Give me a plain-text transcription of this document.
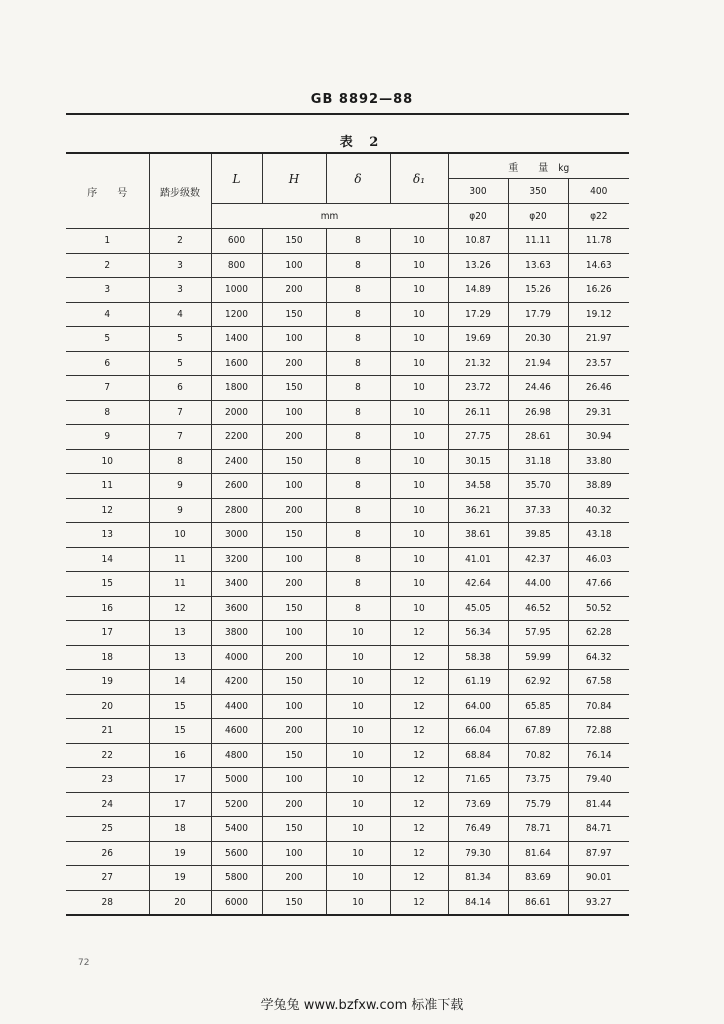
GB 8892—88
表 2
序　　号	踏步级数	L	H	δ	δ₁	重　　量　kg		
						300	350	400
		mm				φ20	φ20	φ22
1	2	600	150	8	10	10.87	11.11	11.78
2	3	800	100	8	10	13.26	13.63	14.63
3	3	1000	200	8	10	14.89	15.26	16.26
4	4	1200	150	8	10	17.29	17.79	19.12
5	5	1400	100	8	10	19.69	20.30	21.97
6	5	1600	200	8	10	21.32	21.94	23.57
7	6	1800	150	8	10	23.72	24.46	26.46
8	7	2000	100	8	10	26.11	26.98	29.31
9	7	2200	200	8	10	27.75	28.61	30.94
10	8	2400	150	8	10	30.15	31.18	33.80
11	9	2600	100	8	10	34.58	35.70	38.89
12	9	2800	200	8	10	36.21	37.33	40.32
13	10	3000	150	8	10	38.61	39.85	43.18
14	11	3200	100	8	10	41.01	42.37	46.03
15	11	3400	200	8	10	42.64	44.00	47.66
16	12	3600	150	8	10	45.05	46.52	50.52
17	13	3800	100	10	12	56.34	57.95	62.28
18	13	4000	200	10	12	58.38	59.99	64.32
19	14	4200	150	10	12	61.19	62.92	67.58
20	15	4400	100	10	12	64.00	65.85	70.84
21	15	4600	200	10	12	66.04	67.89	72.88
22	16	4800	150	10	12	68.84	70.82	76.14
23	17	5000	100	10	12	71.65	73.75	79.40
24	17	5200	200	10	12	73.69	75.79	81.44
25	18	5400	150	10	12	76.49	78.71	84.71
26	19	5600	100	10	12	79.30	81.64	87.97
27	19	5800	200	10	12	81.34	83.69	90.01
28	20	6000	150	10	12	84.14	86.61	93.27
72
学兔兔 www.bzfxw.com 标准下载
